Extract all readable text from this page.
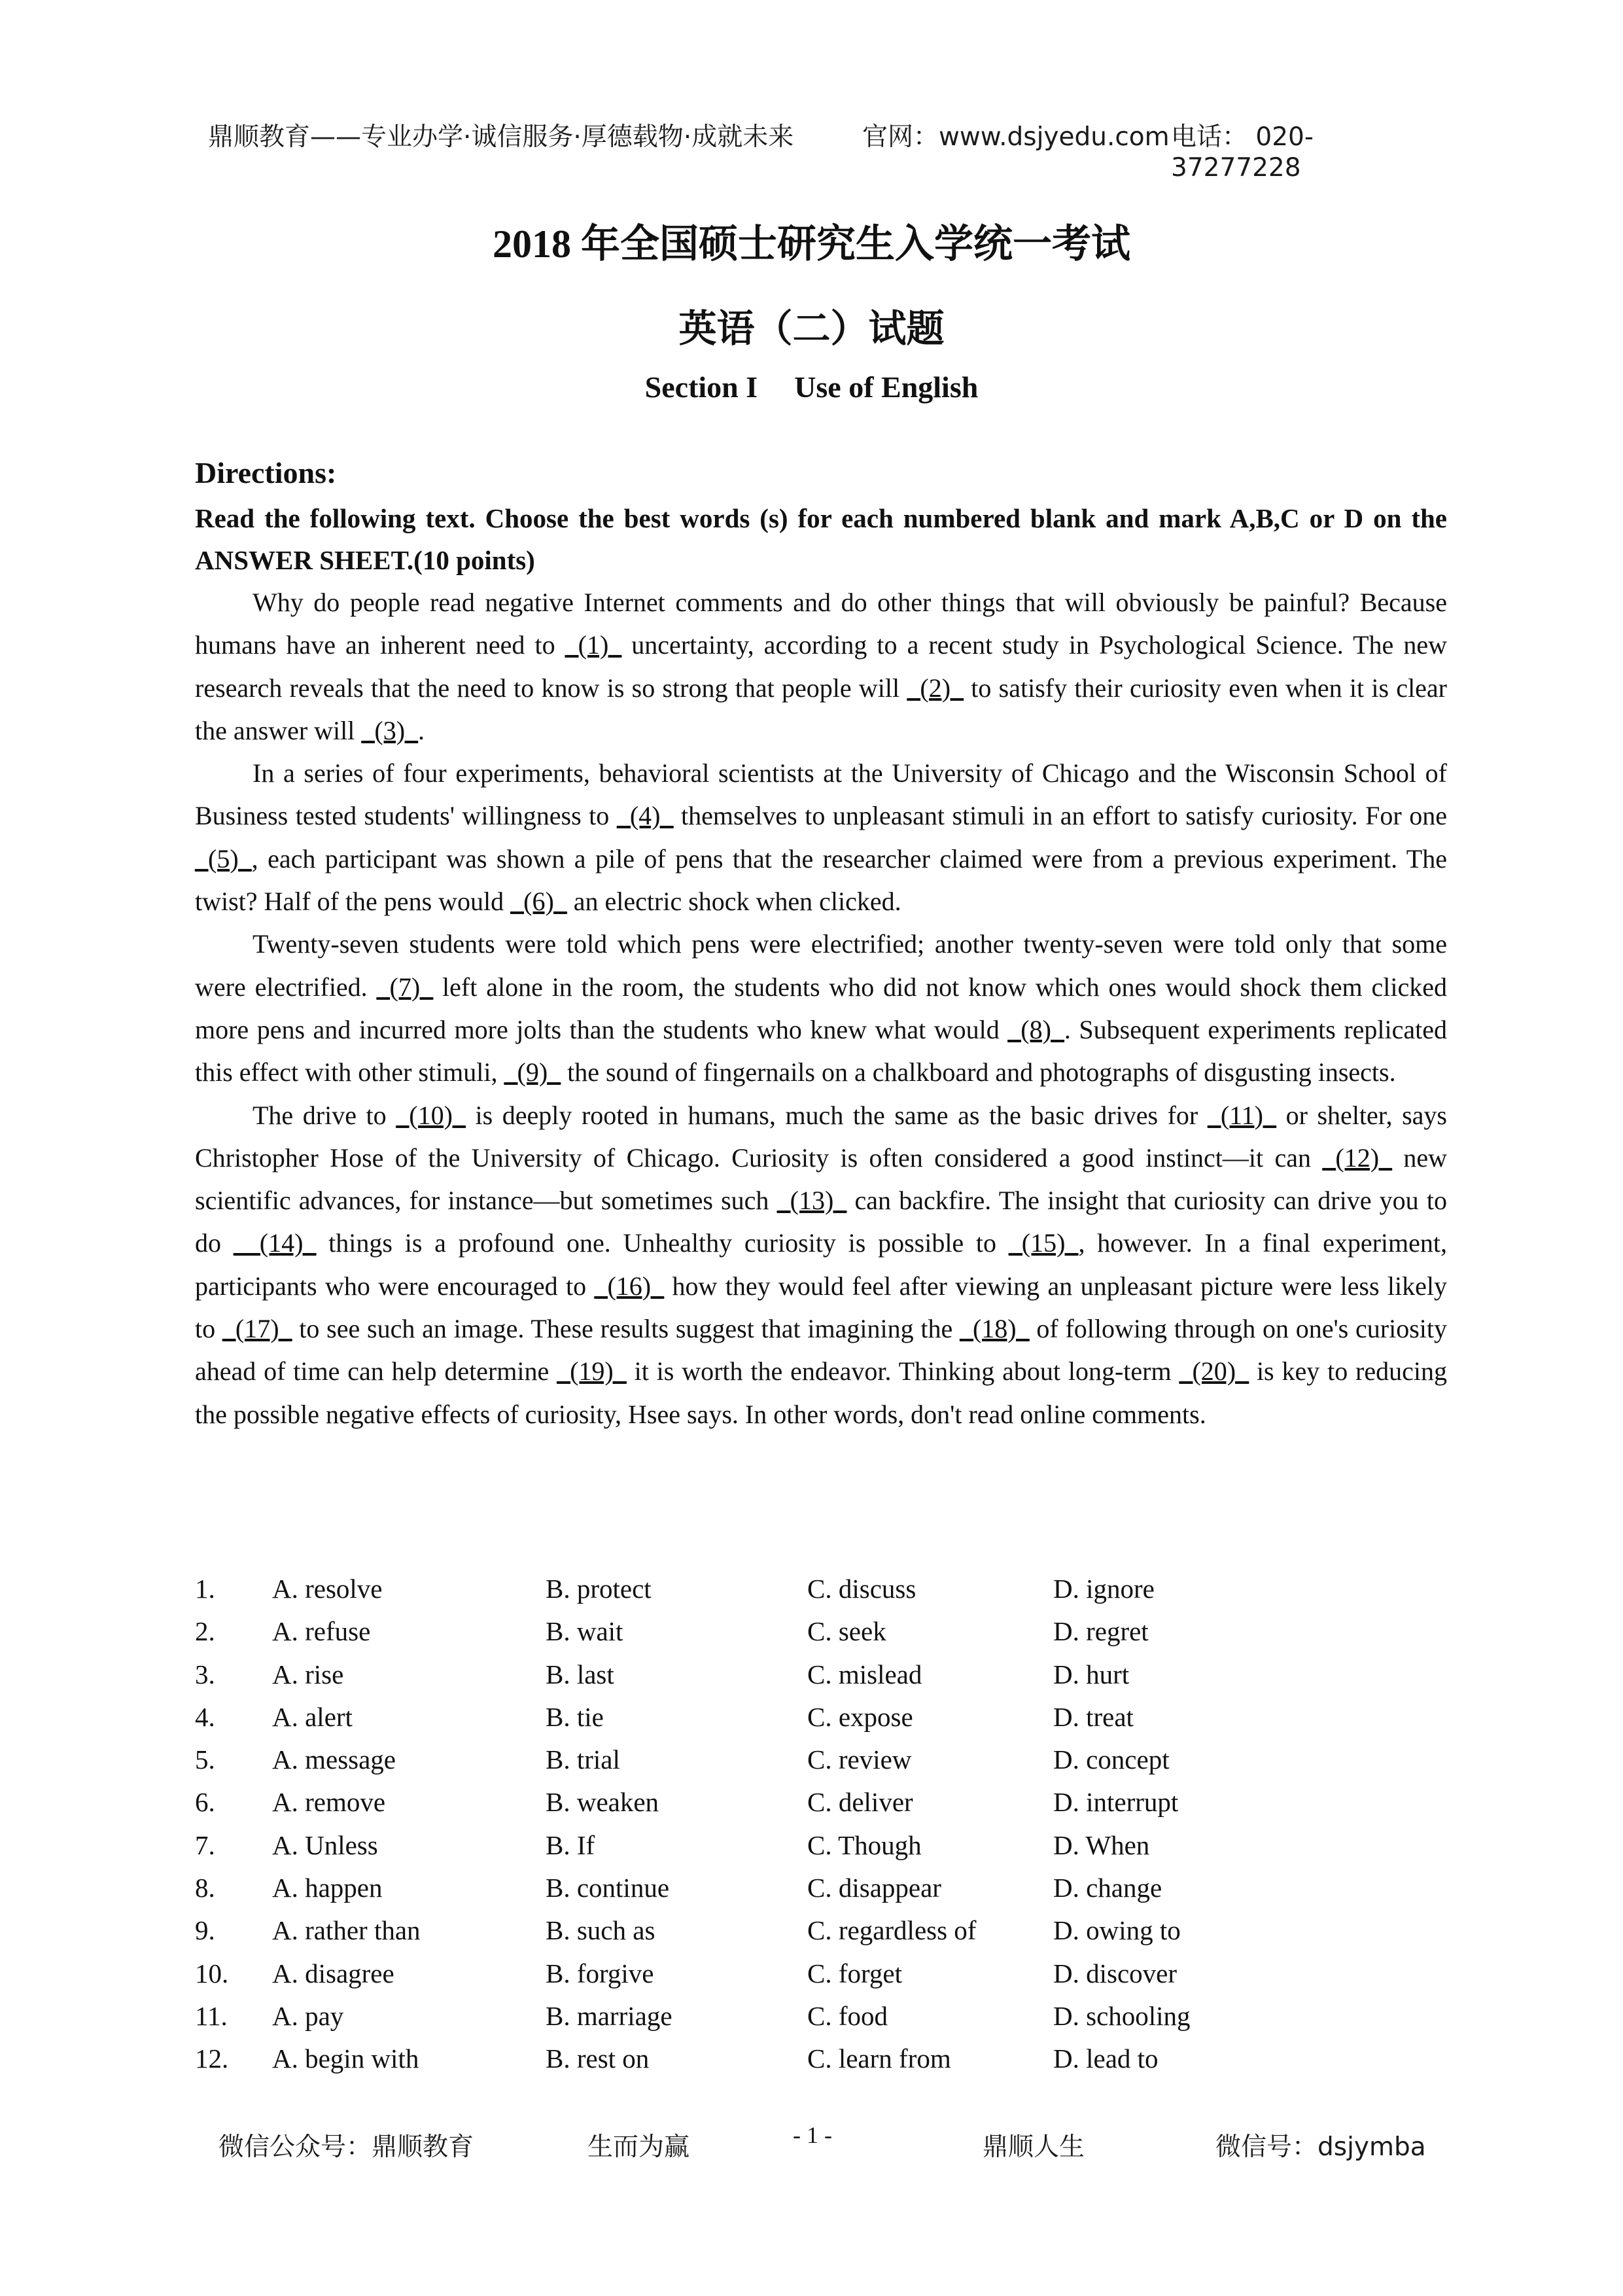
鼎顺教育——专业办学·诚信服务·厚德载物·成就未来	官网：www.dsjyedu.com 电话： 020-37277228
2018 年全国硕士研究生入学统一考试
英语（二）试题
Section I Use of English
Directions:
Read the following text. Choose the best words (s) for each numbered blank and mark A,B,C or D on the ANSWER SHEET.(10 points)

Why do people read negative Internet comments and do other things that will obviously be painful? Because humans have an inherent need to _(1)_ uncertainty, according to a recent study in Psychological Science. The new research reveals that the need to know is so strong that people will _(2)_ to satisfy their curiosity even when it is clear the answer will _(3)_.

In a series of four experiments, behavioral scientists at the University of Chicago and the Wisconsin School of Business tested students' willingness to _(4)_ themselves to unpleasant stimuli in an effort to satisfy curiosity. For one _(5)_, each participant was shown a pile of pens that the researcher claimed were from a previous experiment. The twist? Half of the pens would _(6)_ an electric shock when clicked.

Twenty-seven students were told which pens were electrified; another twenty-seven were told only that some were electrified. _(7)_ left alone in the room, the students who did not know which ones would shock them clicked more pens and incurred more jolts than the students who knew what would _(8)_. Subsequent experiments replicated this effect with other stimuli, _(9)_ the sound of fingernails on a chalkboard and photographs of disgusting insects.

The drive to _(10)_ is deeply rooted in humans, much the same as the basic drives for _(11)_ or shelter, says Christopher Hose of the University of Chicago. Curiosity is often considered a good instinct—it can _(12)_ new scientific advances, for instance—but sometimes such _(13)_ can backfire. The insight that curiosity can drive you to do __(14)_ things is a profound one. Unhealthy curiosity is possible to _(15)_, however. In a final experiment, participants who were encouraged to _(16)_ how they would feel after viewing an unpleasant picture were less likely to _(17)_ to see such an image. These results suggest that imagining the _(18)_ of following through on one's curiosity ahead of time can help determine _(19)_ it is worth the endeavor. Thinking about long-term _(20)_ is key to reducing the possible negative effects of curiosity, Hsee says. In other words, don't read online comments.

1. A. resolve	B. protect	C. discuss	D. ignore
2. A. refuse	B. wait	C. seek	D. regret
3. A. rise	B. last	C. mislead	D. hurt
4. A. alert	B. tie	C. expose	D. treat
5. A. message	B. trial	C. review	D. concept
6. A. remove	B. weaken	C. deliver	D. interrupt
7. A. Unless	B. If	C. Though	D. When
8. A. happen	B. continue	C. disappear	D. change
9. A. rather than	B. such as	C. regardless of	D. owing to
10. A. disagree	B. forgive	C. forget	D. discover
11. A. pay	B. marriage	C. food	D. schooling
12. A. begin with	B. rest on	C. learn from	D. lead to
微信公众号：鼎顺教育	生而为赢	- 1 -	鼎顺人生	微信号：dsjymba
